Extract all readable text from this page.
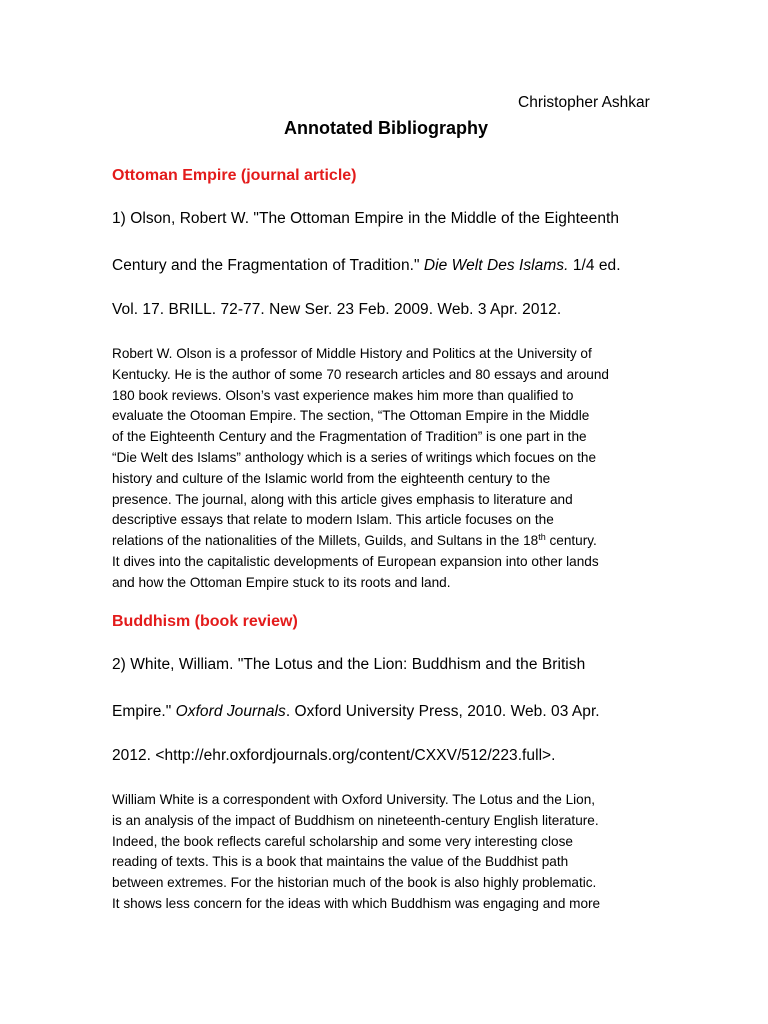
Christopher Ashkar
Annotated Bibliography
Ottoman Empire (journal article)
1) Olson, Robert W. "The Ottoman Empire in the Middle of the Eighteenth
Century and the Fragmentation of Tradition." Die Welt Des Islams. 1/4 ed.
Vol. 17. BRILL. 72-77. New Ser. 23 Feb. 2009. Web. 3 Apr. 2012.
Robert W. Olson is a professor of Middle History and Politics at the University of
Kentucky. He is the author of some 70 research articles and 80 essays and around
180 book reviews. Olson’s vast experience makes him more than qualified to
evaluate the Otooman Empire. The section, “The Ottoman Empire in the Middle
of the Eighteenth Century and the Fragmentation of Tradition” is one part in the
“Die Welt des Islams” anthology which is a series of writings which focues on the
history and culture of the Islamic world from the eighteenth century to the
presence. The journal, along with this article gives emphasis to literature and
descriptive essays that relate to modern Islam. This article focuses on the
relations of the nationalities of the Millets, Guilds, and Sultans in the 18th century.
It dives into the capitalistic developments of European expansion into other lands
and how the Ottoman Empire stuck to its roots and land.
Buddhism (book review)
2) White, William. "The Lotus and the Lion: Buddhism and the British
Empire." Oxford Journals. Oxford University Press, 2010. Web. 03 Apr.
2012. <http://ehr.oxfordjournals.org/content/CXXV/512/223.full>.
William White is a correspondent with Oxford University. The Lotus and the Lion,
is an analysis of the impact of Buddhism on nineteenth-century English literature.
Indeed, the book reflects careful scholarship and some very interesting close
reading of texts. This is a book that maintains the value of the Buddhist path
between extremes. For the historian much of the book is also highly problematic.
It shows less concern for the ideas with which Buddhism was engaging and more
